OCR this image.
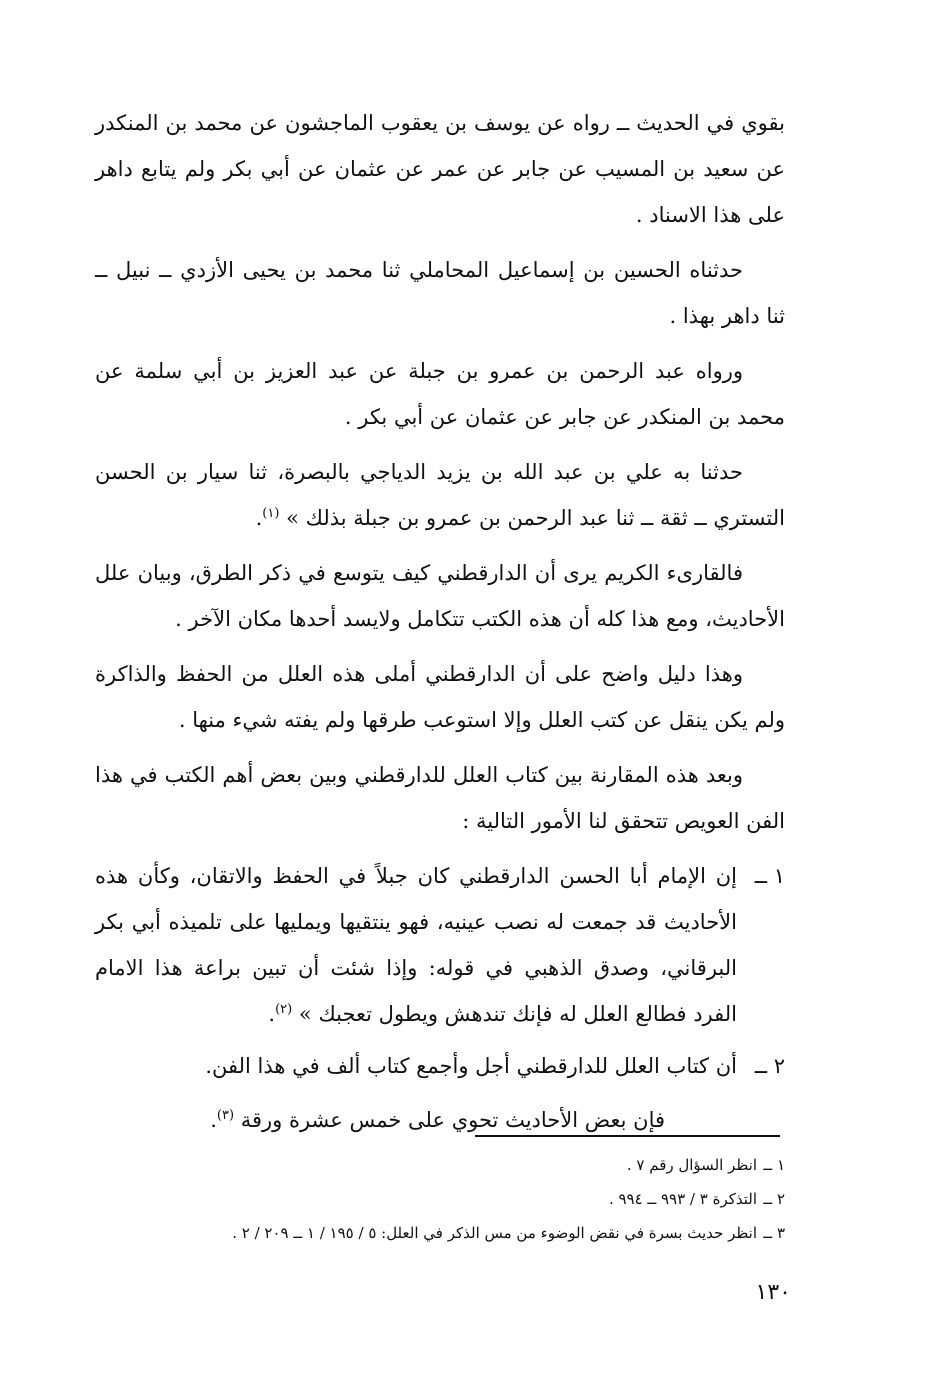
بقوي في الحديث ــ رواه عن يوسف بن يعقوب الماجشون عن محمد بن المنكدر عن سعيد بن المسيب عن جابر عن عمر عن عثمان عن أبي بكر ولم يتابع داهر على هذا الاسناد .

حدثناه الحسين بن إسماعيل المحاملي ثنا محمد بن يحيى الأزدي ــ نبيل ــ ثنا داهر بهذا .

ورواه عبد الرحمن بن عمرو بن جبلة عن عبد العزيز بن أبي سلمة عن محمد بن المنكدر عن جابر عن عثمان عن أبي بكر .

حدثنا به علي بن عبد الله بن يزيد الدياجي بالبصرة، ثنا سيار بن الحسن التستري ــ ثقة ــ ثنا عبد الرحمن بن عمرو بن جبلة بذلك » $^{(١)}$.

فالقارىء الكريم يرى أن الدارقطني كيف يتوسع في ذكر الطرق، وبيان علل الأحاديث، ومع هذا كله أن هذه الكتب تتكامل ولايسد أحدها مكان الآخر .

وهذا دليل واضح على أن الدارقطني أملى هذه العلل من الحفظ والذاكرة ولم يكن ينقل عن كتب العلل وإلا استوعب طرقها ولم يفته شيء منها .

وبعد هذه المقارنة بين كتاب العلل للدارقطني وبين بعض أهم الكتب في هذا الفن العويص تتحقق لنا الأمور التالية :

١ ــ
إن الإمام أبا الحسن الدارقطني كان جبلاً في الحفظ والاتقان، وكأن هذه الأحاديث قد جمعت له نصب عينيه، فهو ينتقيها ويمليها على تلميذه أبي بكر البرقاني، وصدق الذهبي في قوله: وإذا شئت أن تبين براعة هذا الامام الفرد فطالع العلل له فإنك تندهش ويطول تعجبك » $^{(٢)}$.
٢ ــ
أن كتاب العلل للدارقطني أجل وأجمع كتاب ألف في هذا الفن.

فإن بعض الأحاديث تحوي على خمس عشرة ورقة $^{(٣)}$.

١ ــ
انظر السؤال رقم ٧ .
٢ ــ
التذكرة ٣ / ٩٩٣ ــ ٩٩٤ .
٣ ــ
انظر حديث بسرة في نقض الوضوء من مس الذكر في العلل: ٥ / ١٩٥ / ١ ــ ٢٠٩ / ٢ .
١٣٠
